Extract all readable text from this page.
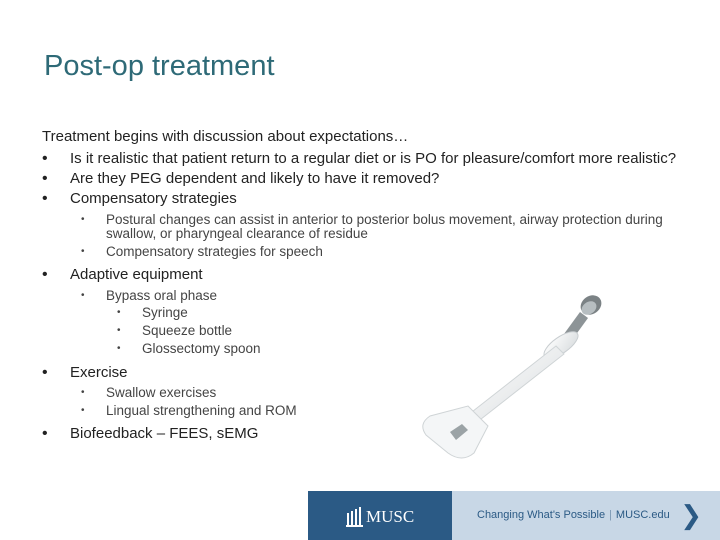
Post-op treatment

Treatment begins with discussion about expectations…

• Is it realistic that patient return to a regular diet or is PO for pleasure/comfort more realistic?
• Are they PEG dependent and likely to have it removed?
• Compensatory strategies
• Postural changes can assist in anterior to posterior bolus movement, airway protection during swallow, or pharyngeal clearance of residue
• Compensatory strategies for speech
• Adaptive equipment
• Bypass oral phase
• Syringe
• Squeeze bottle
• Glossectomy spoon
• Exercise
• Swallow exercises
• Lingual strengthening and ROM
• Biofeedback – FEES, sEMG
MUSC	Changing What's Possible | MUSC.edu ❯
